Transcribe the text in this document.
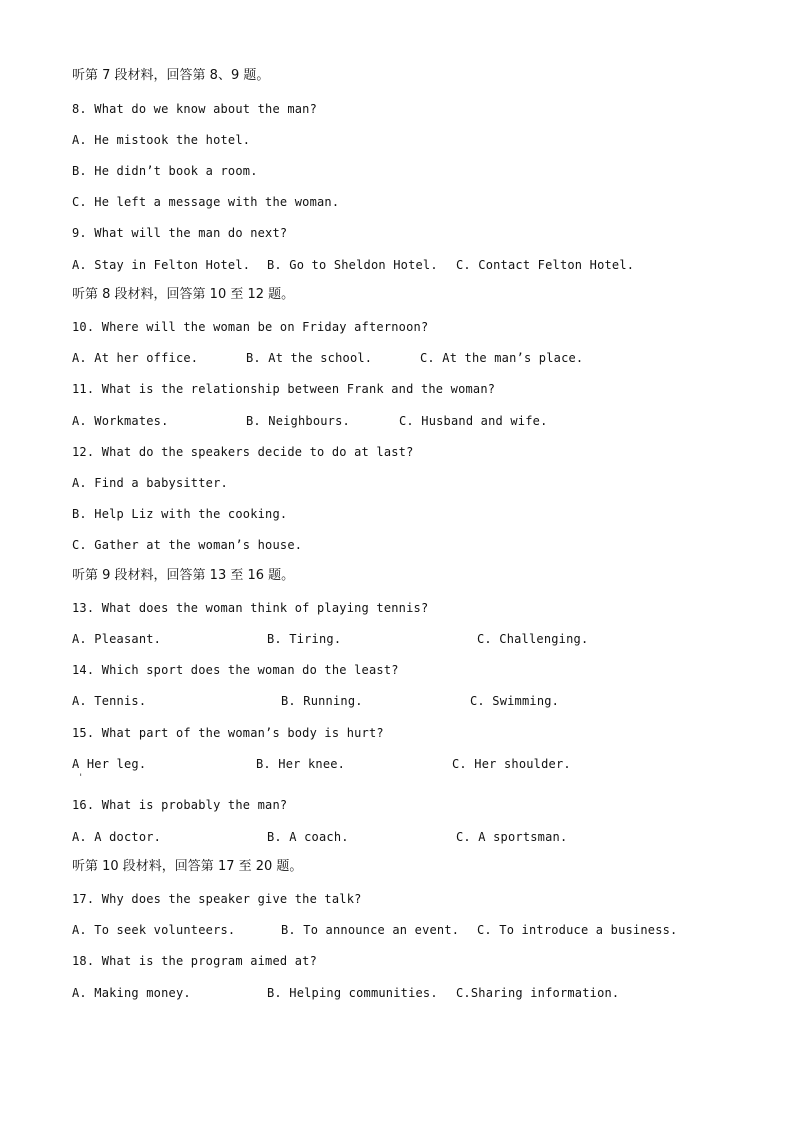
听第 7 段材料，回答第 8、9 题。
8. What do we know about the man?
A. He mistook the hotel.
B. He didn’t book a room.
C. He left a message with the woman.
9. What will the man do next?

A. Stay in Felton Hotel.

B. Go to Sheldon Hotel.

C. Contact Felton Hotel.

听第 8 段材料，回答第 10 至 12 题。
10. Where will the woman be on Friday afternoon?

A. At her office.

	B. At the school.

	C. At the man’s place.

11. What is the relationship between Frank and the woman?

A. Workmates.

	B. Neighbours.

	C. Husband and wife.

12. What do the speakers decide to do at last?
A. Find a babysitter.
B. Help Liz with the cooking.
C. Gather at the woman’s house.
听第 9 段材料，回答第 13 至 16 题。
13. What does the woman think of playing tennis?

A. Pleasant.

	B. Tiring.

	C. Challenging.

14. Which sport does the woman do the least?

A. Tennis.

	B. Running.

	C. Swimming.

15. What part of the woman’s body is hurt?

A Her leg.

	B. Her knee.

	C. Her shoulder.

'
16. What is probably the man?

A. A doctor.

	B. A coach.

	C. A sportsman.

听第 10 段材料，回答第 17 至 20 题。
17. Why does the speaker give the talk?

A. To seek volunteers.

	B. To announce an event.

C. To introduce a business.

18. What is the program aimed at?

A. Making money.

	B. Helping communities.

C.Sharing information.
